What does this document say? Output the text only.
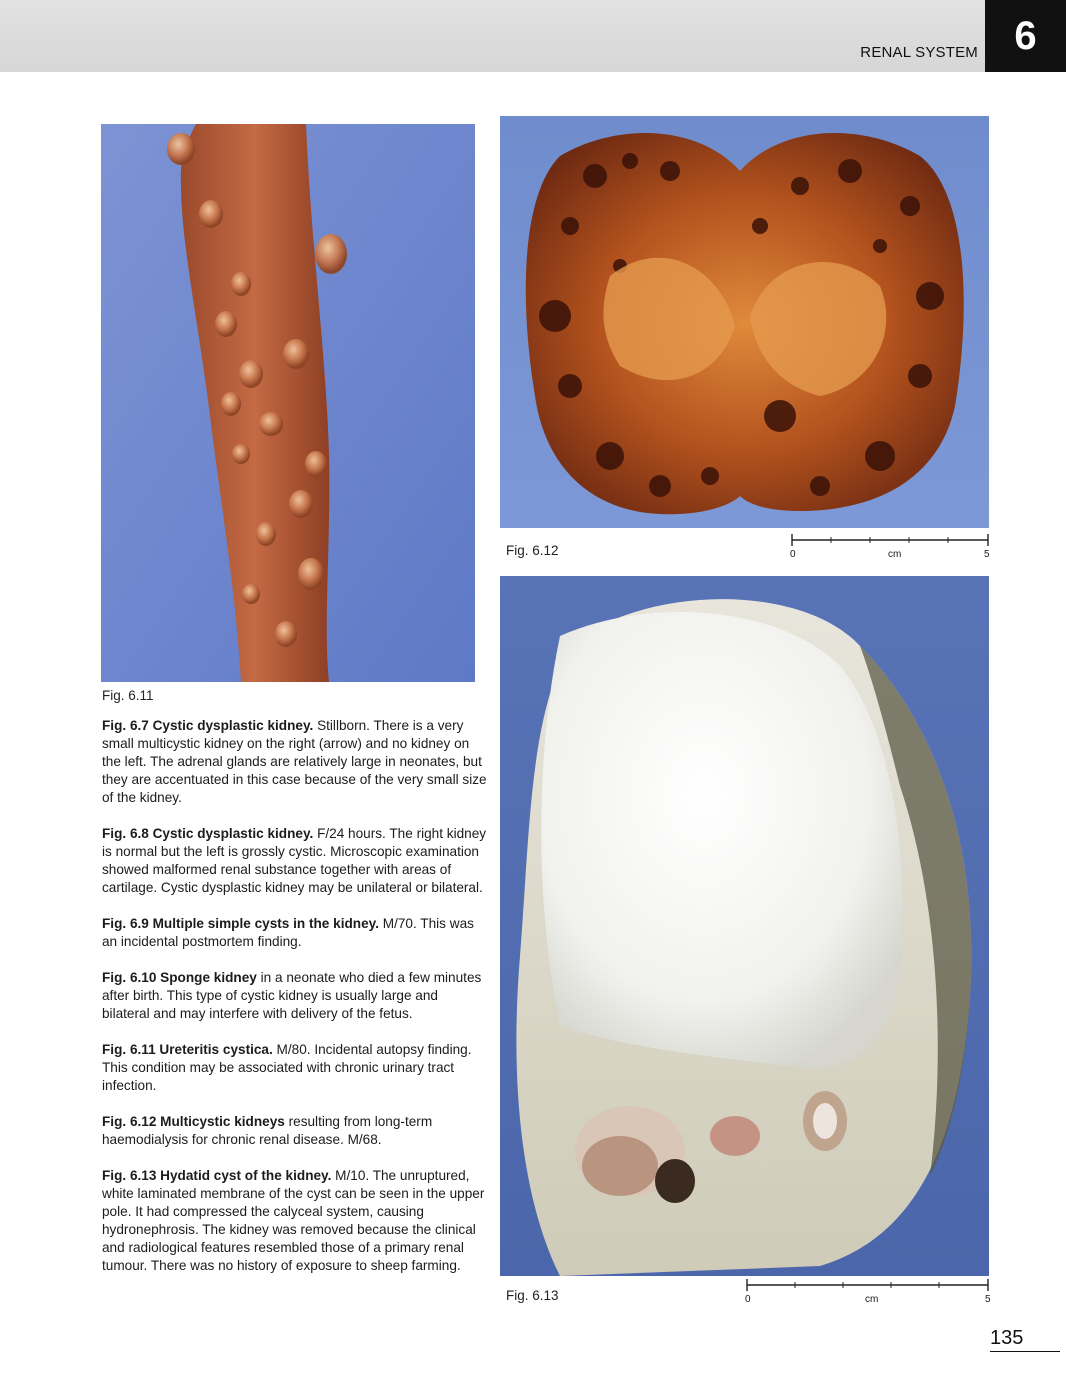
RENAL SYSTEM 6
Fig. 6.11
Fig. 6.12	0	cm	5
Fig. 6.13	0	cm	5

Fig. 6.7 Cystic dysplastic kidney. Stillborn. There is a very small multicystic kidney on the right (arrow) and no kidney on the left. The adrenal glands are relatively large in neonates, but they are accentuated in this case because of the very small size of the kidney.

Fig. 6.8 Cystic dysplastic kidney. F/24 hours. The right kidney is normal but the left is grossly cystic. Microscopic examination showed malformed renal substance together with areas of cartilage. Cystic dysplastic kidney may be unilateral or bilateral.

Fig. 6.9 Multiple simple cysts in the kidney. M/70. This was an incidental postmortem finding.

Fig. 6.10 Sponge kidney in a neonate who died a few minutes after birth. This type of cystic kidney is usually large and bilateral and may interfere with delivery of the fetus.

Fig. 6.11 Ureteritis cystica. M/80. Incidental autopsy finding. This condition may be associated with chronic urinary tract infection.

Fig. 6.12 Multicystic kidneys resulting from long-term haemodialysis for chronic renal disease. M/68.

Fig. 6.13 Hydatid cyst of the kidney. M/10. The unruptured, white laminated membrane of the cyst can be seen in the upper pole. It had compressed the calyceal system, causing hydronephrosis. The kidney was removed because the clinical and radiological features resembled those of a primary renal tumour. There was no history of exposure to sheep farming.

135
